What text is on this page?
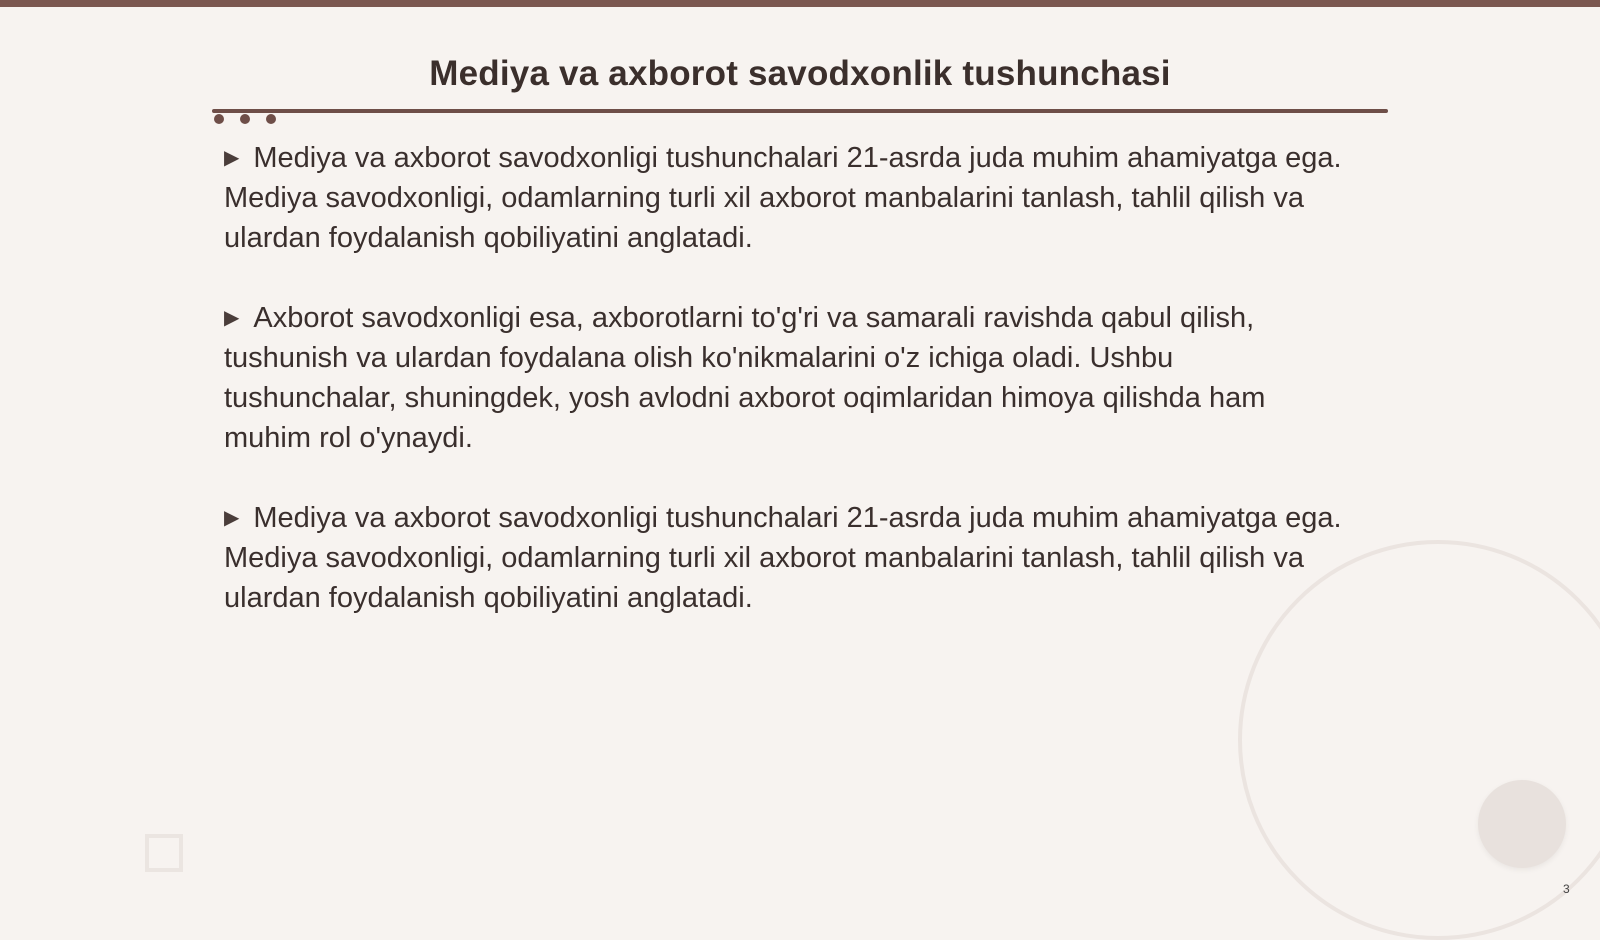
Mediya va axborot savodxonlik tushunchasi

▶ Mediya va axborot savodxonligi tushunchalari 21-asrda juda muhim ahamiyatga ega. Mediya savodxonligi, odamlarning turli xil axborot manbalarini tanlash, tahlil qilish va ulardan foydalanish qobiliyatini anglatadi.

▶ Axborot savodxonligi esa, axborotlarni to'g'ri va samarali ravishda qabul qilish, tushunish va ulardan foydalana olish ko'nikmalarini o'z ichiga oladi. Ushbu tushunchalar, shuningdek, yosh avlodni axborot oqimlaridan himoya qilishda ham muhim rol o'ynaydi.

▶ Mediya va axborot savodxonligi tushunchalari 21-asrda juda muhim ahamiyatga ega. Mediya savodxonligi, odamlarning turli xil axborot manbalarini tanlash, tahlil qilish va ulardan foydalanish qobiliyatini anglatadi.

3
